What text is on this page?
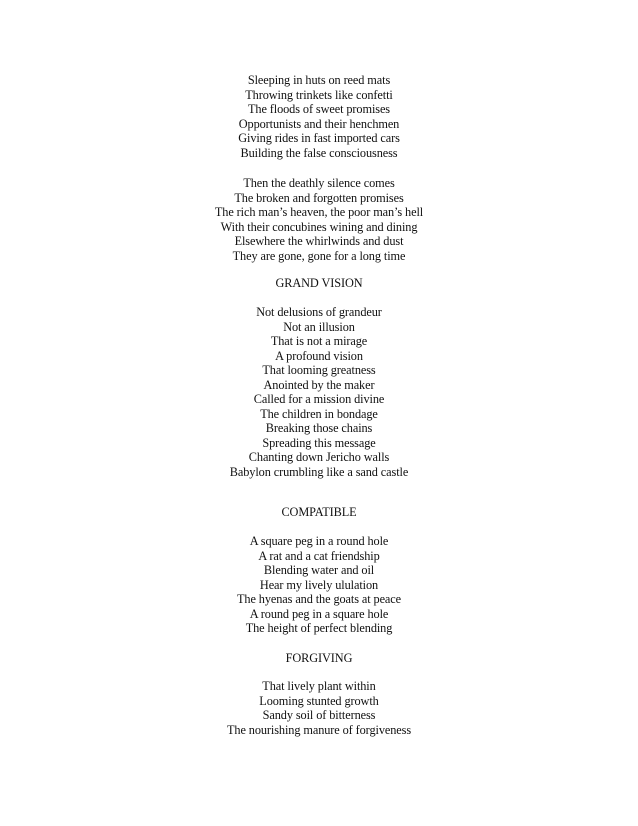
Sleeping in huts on reed mats
Throwing trinkets like confetti
The floods of sweet promises
Opportunists and their henchmen
Giving rides in fast imported cars
Building the false consciousness
Then the deathly silence comes
The broken and forgotten promises
The rich man’s heaven, the poor man’s hell
With their concubines wining and dining
Elsewhere the whirlwinds and dust
They are gone, gone for a long time
GRAND VISION
Not delusions of grandeur
Not an illusion
That is not a mirage
A profound vision
That looming greatness
Anointed by the maker
Called for a mission divine
The children in bondage
Breaking those chains
Spreading this message
Chanting down Jericho walls
Babylon crumbling like a sand castle
COMPATIBLE
A square peg in a round hole
A rat and a cat friendship
Blending water and oil
Hear my lively ululation
The hyenas and the goats at peace
A round peg in a square hole
The height of perfect blending
FORGIVING
That lively plant within
Looming stunted growth
Sandy soil of bitterness
The nourishing manure of forgiveness
